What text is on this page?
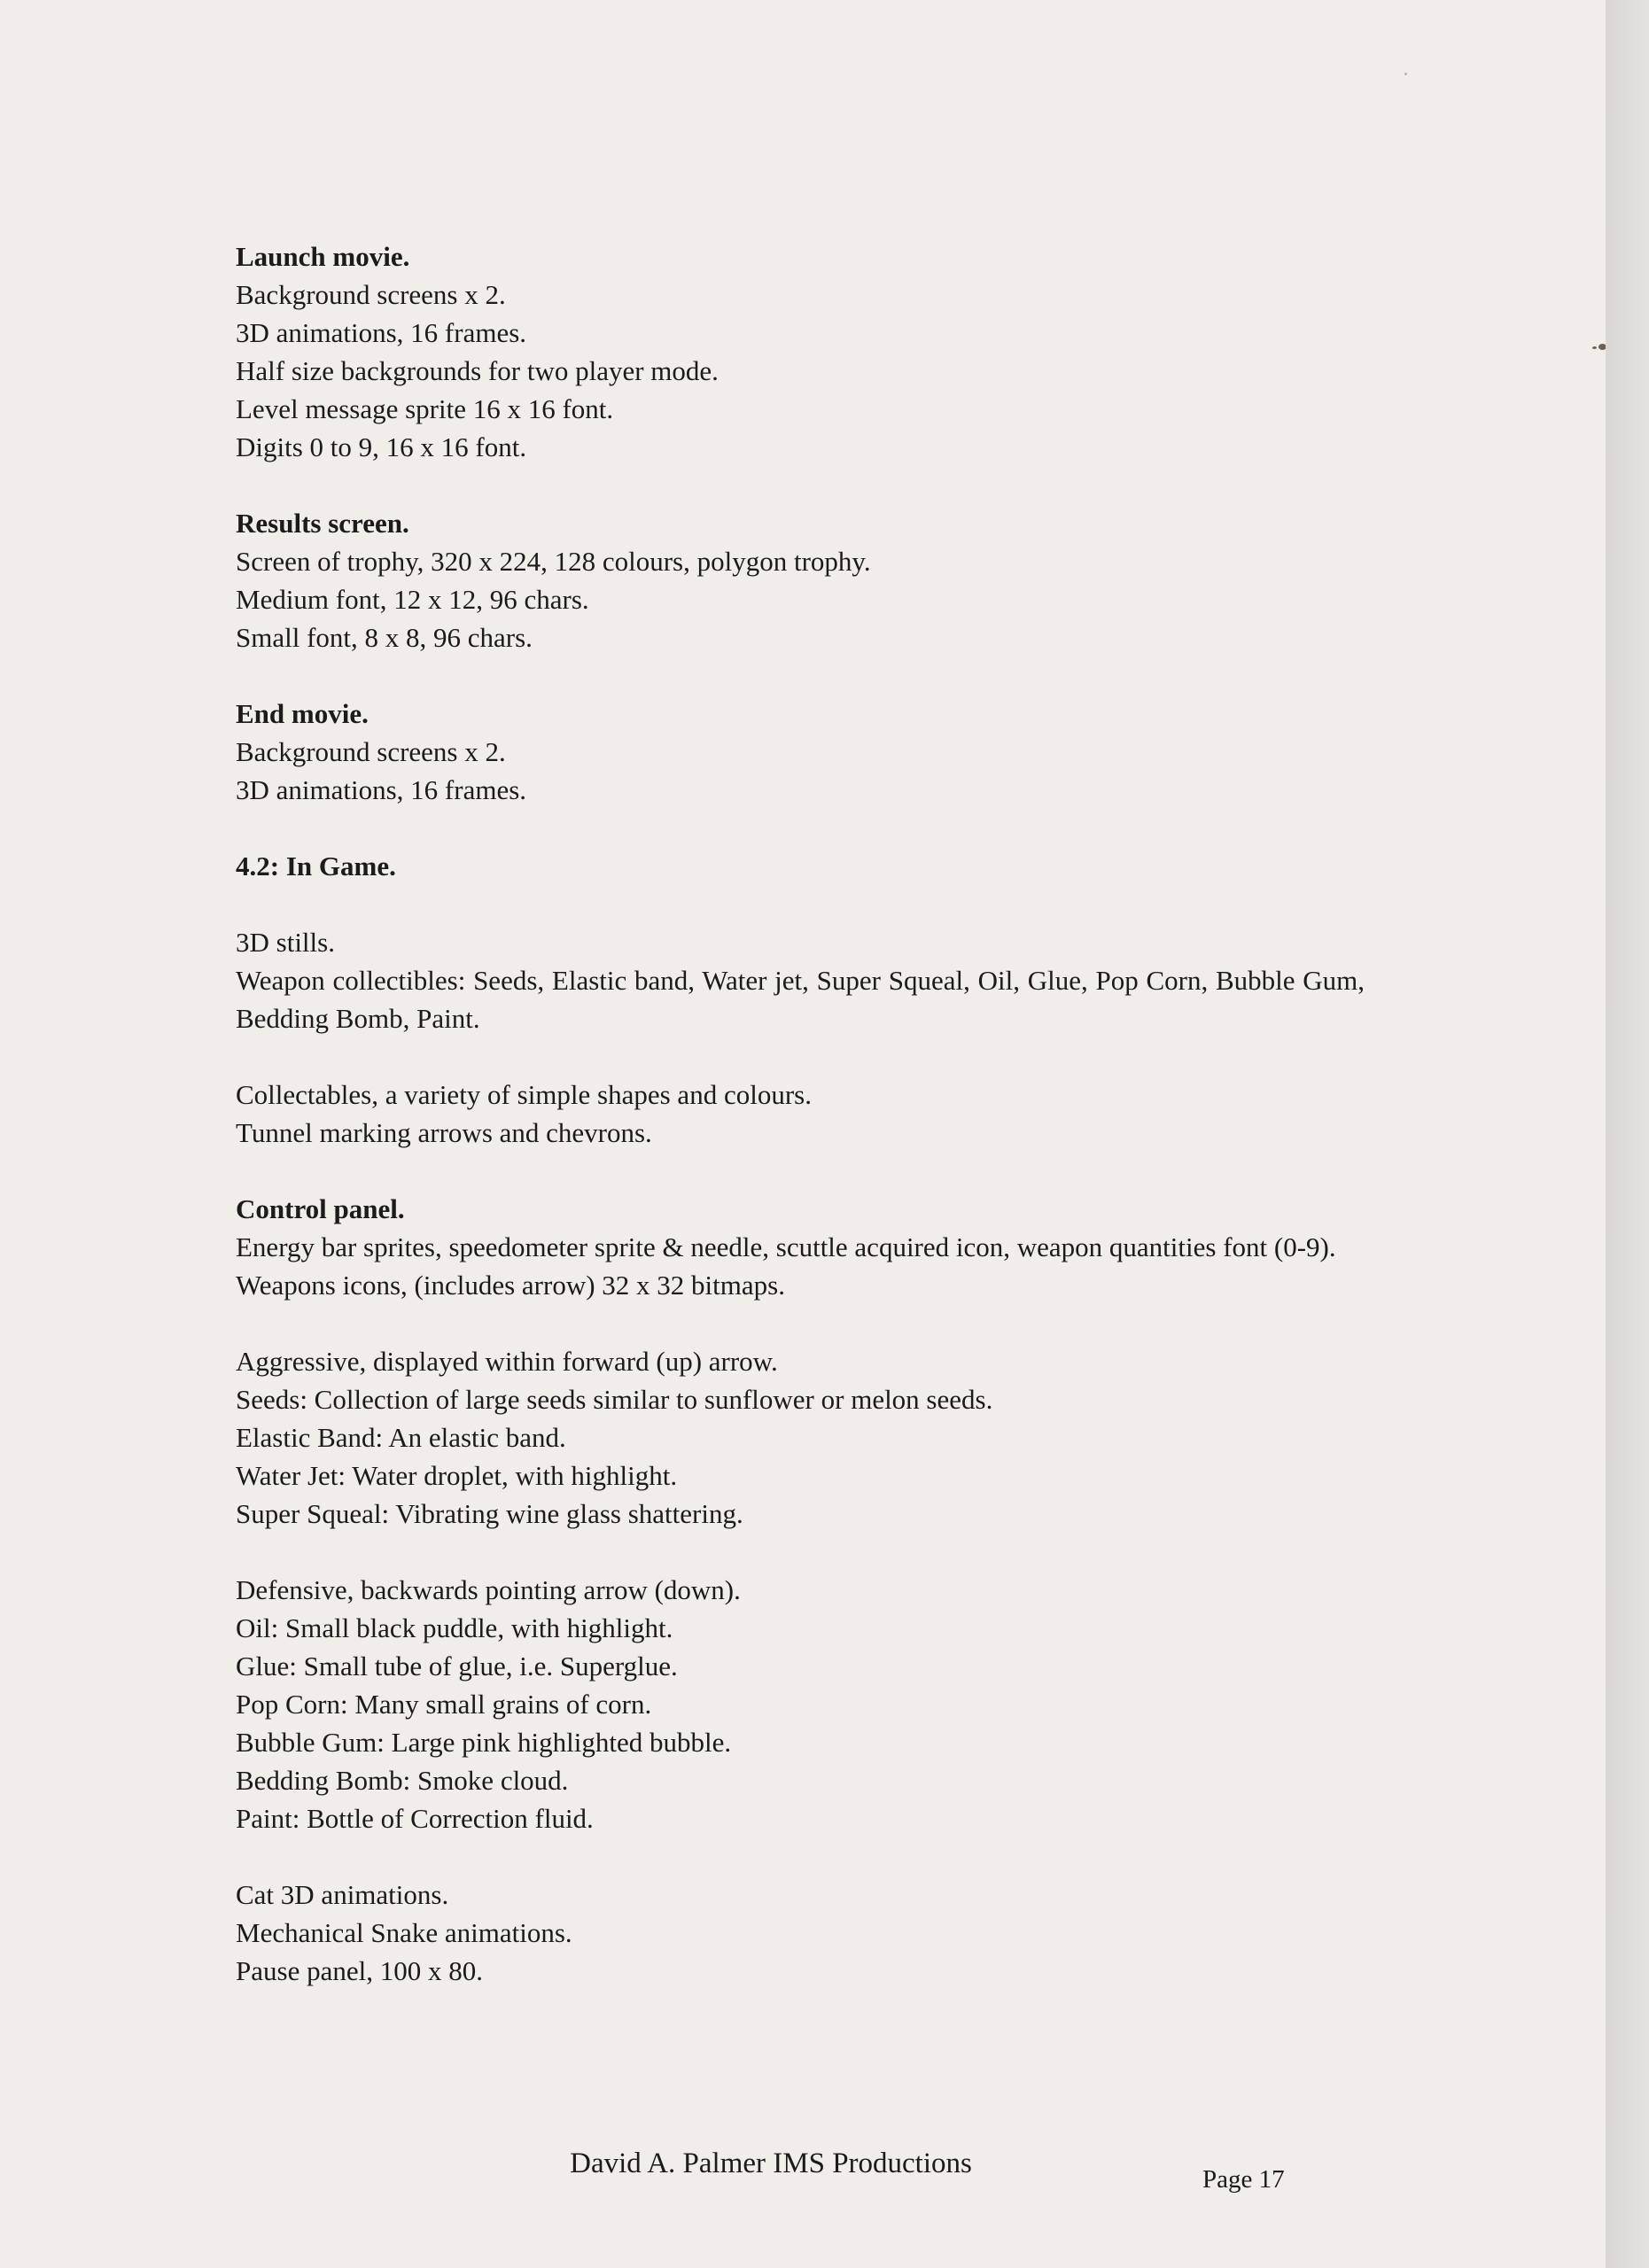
Launch movie.
Background screens x 2.
3D animations, 16 frames.
Half size backgrounds for two player mode.
Level message sprite 16 x 16 font.
Digits 0 to 9, 16 x 16 font.
Results screen.
Screen of trophy, 320 x 224, 128 colours, polygon trophy.
Medium font, 12 x 12, 96 chars.
Small font, 8 x 8, 96 chars.
End movie.
Background screens x 2.
3D animations, 16 frames.
4.2: In Game.
3D stills.
Weapon collectibles: Seeds, Elastic band, Water jet, Super Squeal, Oil, Glue, Pop Corn, Bubble Gum, Bedding Bomb, Paint.
Collectables, a variety of simple shapes and colours.
Tunnel marking arrows and chevrons.
Control panel.
Energy bar sprites, speedometer sprite & needle, scuttle acquired icon, weapon quantities font (0-9).
Weapons icons, (includes arrow) 32 x 32 bitmaps.
Aggressive, displayed within forward (up) arrow.
Seeds: Collection of large seeds similar to sunflower or melon seeds.
Elastic Band: An elastic band.
Water Jet: Water droplet, with highlight.
Super Squeal: Vibrating wine glass shattering.
Defensive, backwards pointing arrow (down).
Oil: Small black puddle, with highlight.
Glue: Small tube of glue, i.e. Superglue.
Pop Corn: Many small grains of corn.
Bubble Gum: Large pink highlighted bubble.
Bedding Bomb: Smoke cloud.
Paint: Bottle of Correction fluid.
Cat 3D animations.
Mechanical Snake animations.
Pause panel, 100 x 80.
David A. Palmer IMS Productions	Page 17
